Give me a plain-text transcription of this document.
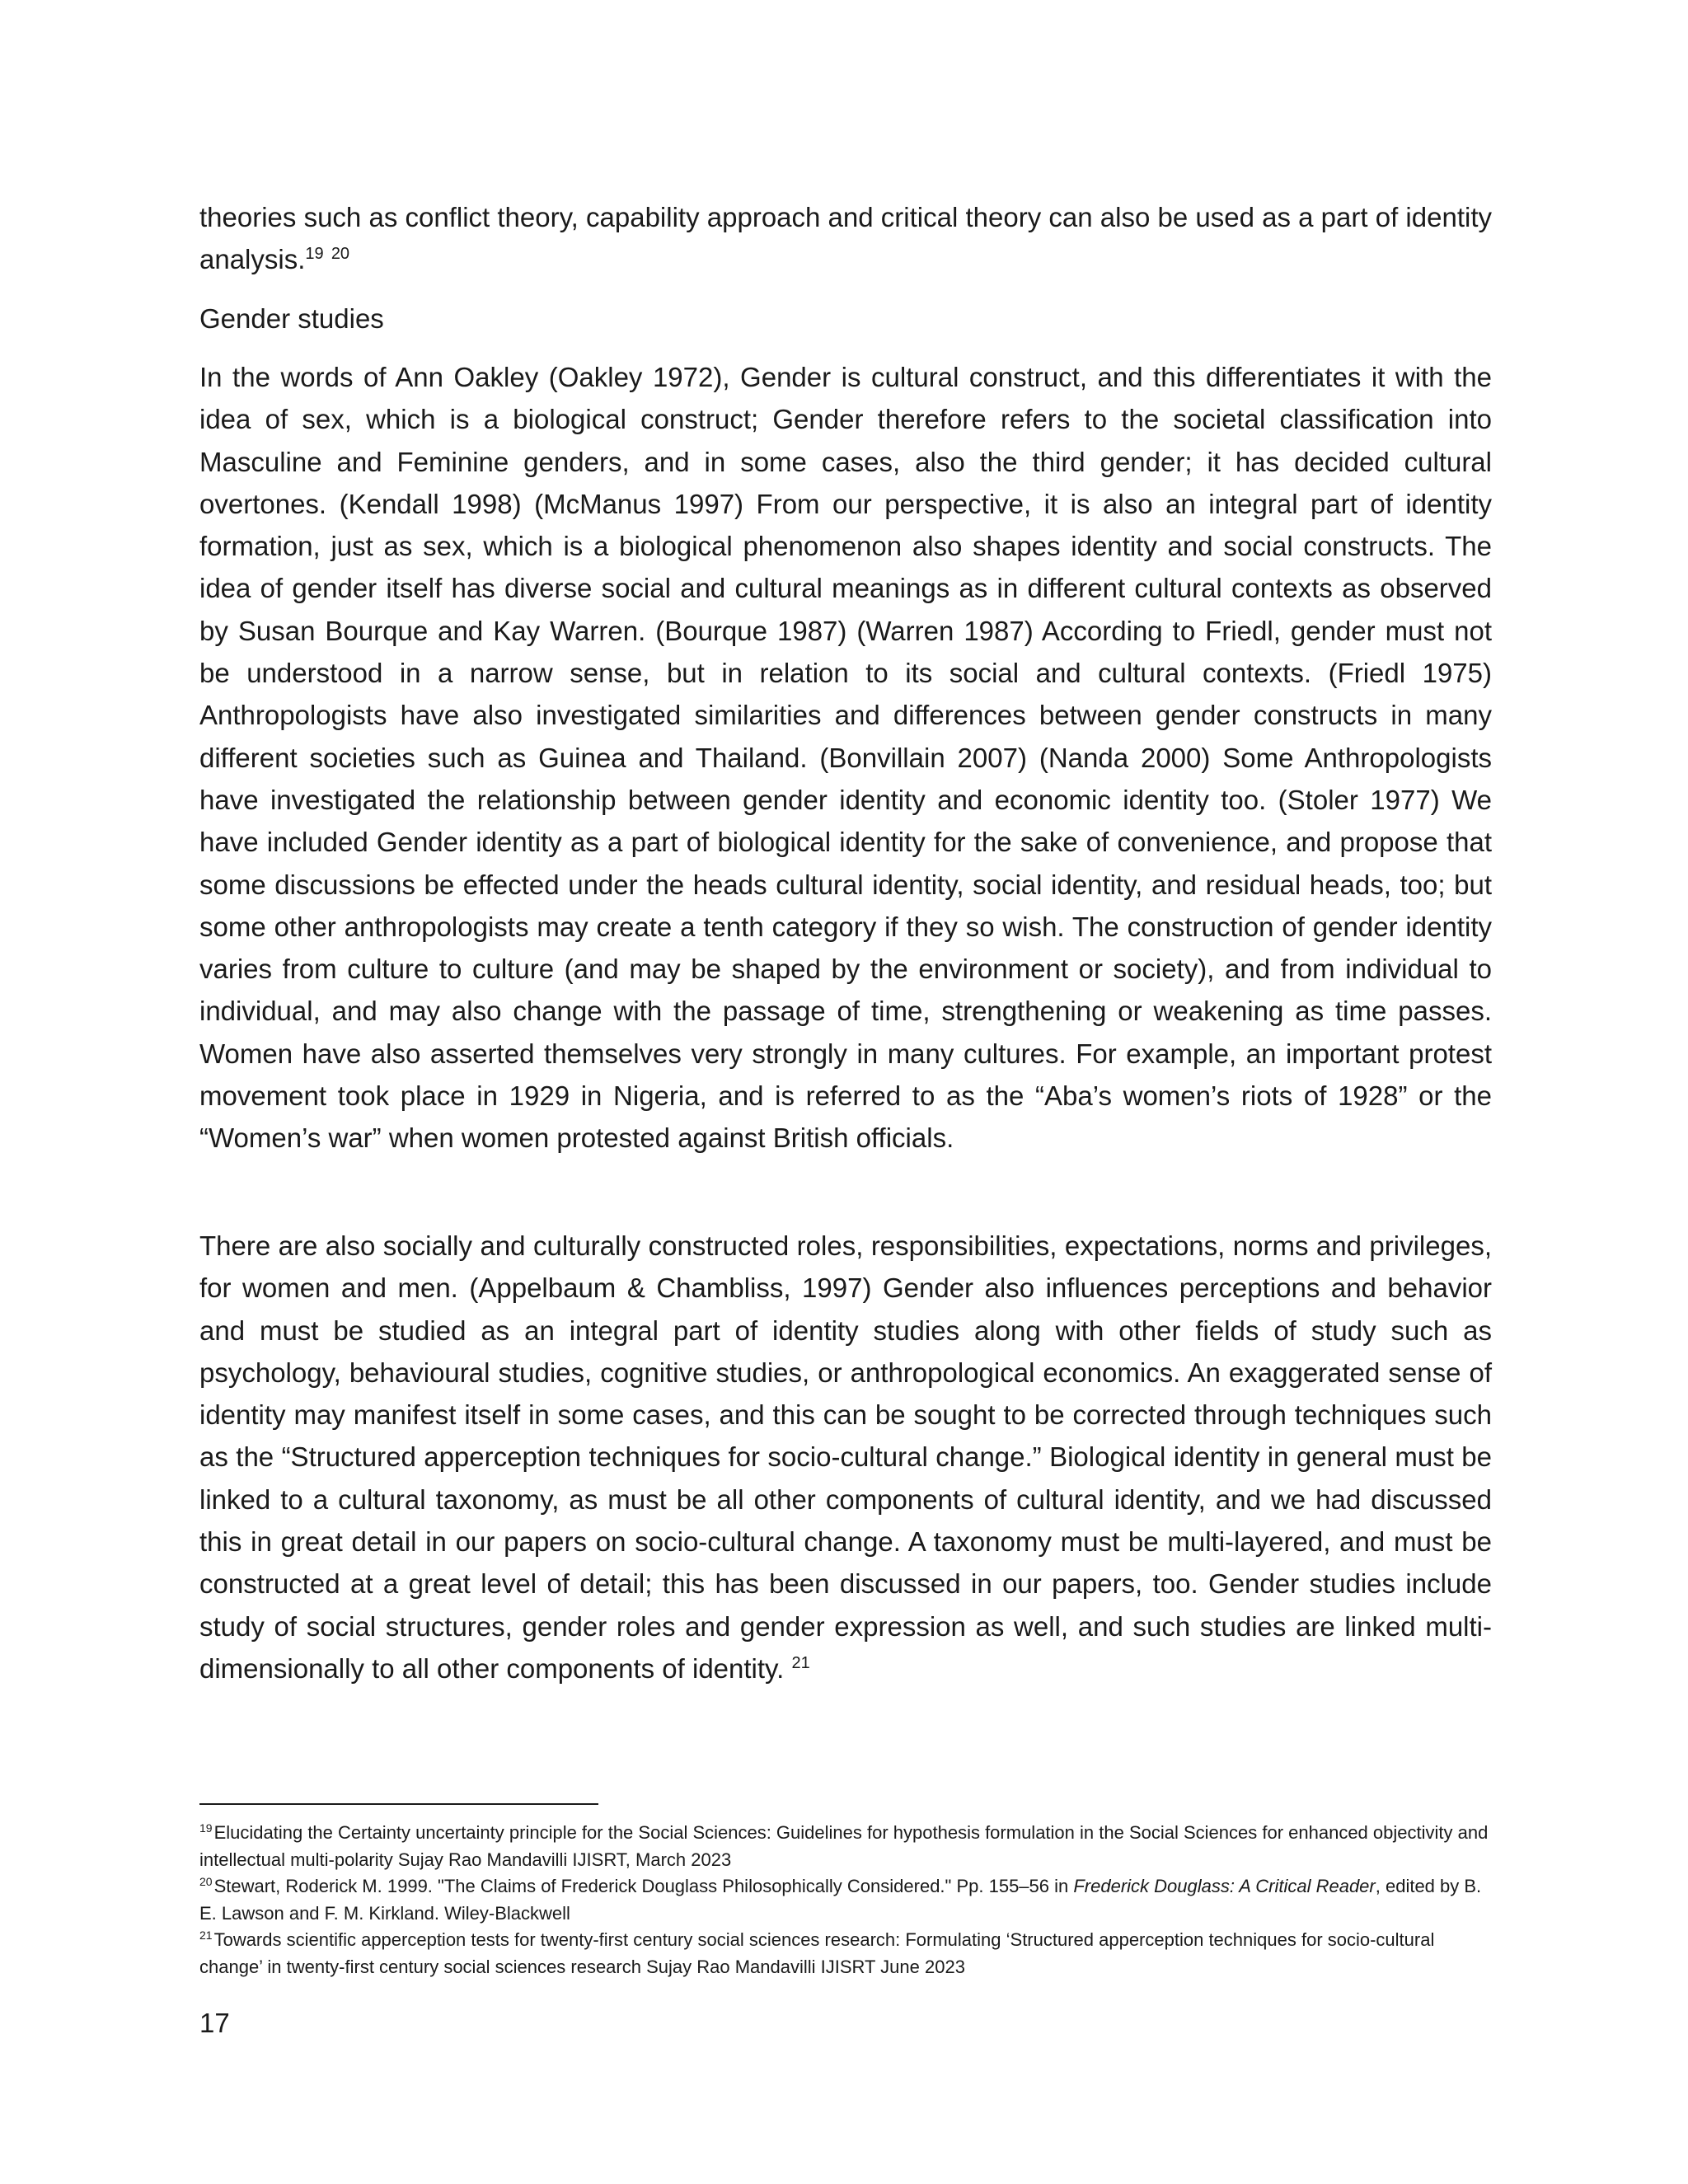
theories such as conflict theory, capability approach and critical theory can also be used as a part of identity analysis.$^{19}$ $^{20}$

Gender studies

In the words of Ann Oakley (Oakley 1972), Gender is cultural construct, and this differentiates it with the idea of sex, which is a biological construct; Gender therefore refers to the societal classification into Masculine and Feminine genders, and in some cases, also the third gender; it has decided cultural overtones. (Kendall 1998) (McManus 1997) From our perspective, it is also an integral part of identity formation, just as sex, which is a biological phenomenon also shapes identity and social constructs. The idea of gender itself has diverse social and cultural meanings as in different cultural contexts as observed by Susan Bourque and Kay Warren. (Bourque 1987) (Warren 1987) According to Friedl, gender must not be understood in a narrow sense, but in relation to its social and cultural contexts. (Friedl 1975) Anthropologists have also investigated similarities and differences between gender constructs in many different societies such as Guinea and Thailand. (Bonvillain 2007) (Nanda 2000) Some Anthropologists have investigated the relationship between gender identity and economic identity too. (Stoler 1977) We have included Gender identity as a part of biological identity for the sake of convenience, and propose that some discussions be effected under the heads cultural identity, social identity, and residual heads, too; but some other anthropologists may create a tenth category if they so wish. The construction of gender identity varies from culture to culture (and may be shaped by the environment or society), and from individual to individual, and may also change with the passage of time, strengthening or weakening as time passes. Women have also asserted themselves very strongly in many cultures. For example, an important protest movement took place in 1929 in Nigeria, and is referred to as the “Aba’s women’s riots of 1928” or the “Women’s war” when women protested against British officials.

There are also socially and culturally constructed roles, responsibilities, expectations, norms and privileges, for women and men. (Appelbaum & Chambliss, 1997) Gender also influences perceptions and behavior and must be studied as an integral part of identity studies along with other fields of study such as psychology, behavioural studies, cognitive studies, or anthropological economics. An exaggerated sense of identity may manifest itself in some cases, and this can be sought to be corrected through techniques such as the “Structured apperception techniques for socio-cultural change.” Biological identity in general must be linked to a cultural taxonomy, as must be all other components of cultural identity, and we had discussed this in great detail in our papers on socio-cultural change. A taxonomy must be multi-layered, and must be constructed at a great level of detail; this has been discussed in our papers, too. Gender studies include study of social structures, gender roles and gender expression as well, and such studies are linked multi-dimensionally to all other components of identity. $^{21}$

$^{19}$Elucidating the Certainty uncertainty principle for the Social Sciences: Guidelines for hypothesis formulation in the Social Sciences for enhanced objectivity and intellectual multi-polarity Sujay Rao Mandavilli IJISRT, March 2023

$^{20}$Stewart, Roderick M. 1999. "The Claims of Frederick Douglass Philosophically Considered." Pp. 155–56 in Frederick Douglass: A Critical Reader, edited by B. E. Lawson and F. M. Kirkland. Wiley-Blackwell

$^{21}$Towards scientific apperception tests for twenty-first century social sciences research: Formulating ‘Structured apperception techniques for socio-cultural change’ in twenty-first century social sciences research Sujay Rao Mandavilli IJISRT June 2023

17
